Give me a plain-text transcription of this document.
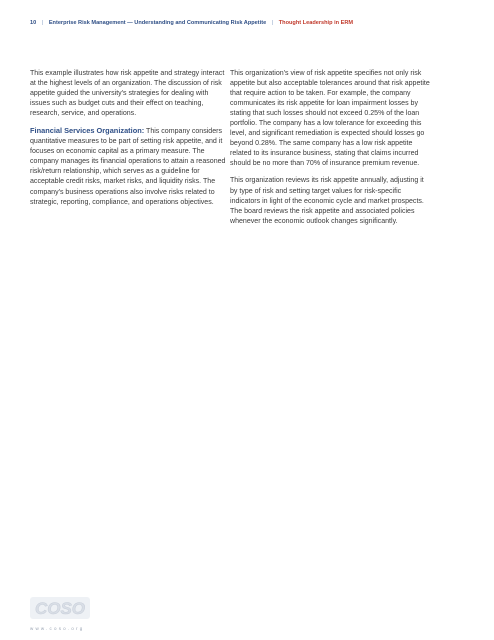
10 | Enterprise Risk Management — Understanding and Communicating Risk Appetite | Thought Leadership in ERM

This example illustrates how risk appetite and strategy interact at the highest levels of an organization. The discussion of risk appetite guided the university's strategies for dealing with issues such as budget cuts and their effect on teaching, research, service, and operations.

Financial Services Organization: This company considers quantitative measures to be part of setting risk appetite, and it focuses on economic capital as a primary measure. The company manages its financial operations to attain a reasoned risk/return relationship, which serves as a guideline for acceptable credit risks, market risks, and liquidity risks. The company's business operations also involve risks related to strategic, reporting, compliance, and operations objectives.

This organization's view of risk appetite specifies not only risk appetite but also acceptable tolerances around that risk appetite that require action to be taken. For example, the company communicates its risk appetite for loan impairment losses by stating that such losses should not exceed 0.25% of the loan portfolio. The company has a low tolerance for exceeding this level, and significant remediation is expected should losses go beyond 0.28%. The same company has a low risk appetite related to its insurance business, stating that claims incurred should be no more than 70% of insurance premium revenue.

This organization reviews its risk appetite annually, adjusting it by type of risk and setting target values for risk-specific indicators in light of the economic cycle and market prospects. The board reviews the risk appetite and associated policies whenever the economic outlook changes significantly.

COSO
www.coso.org
